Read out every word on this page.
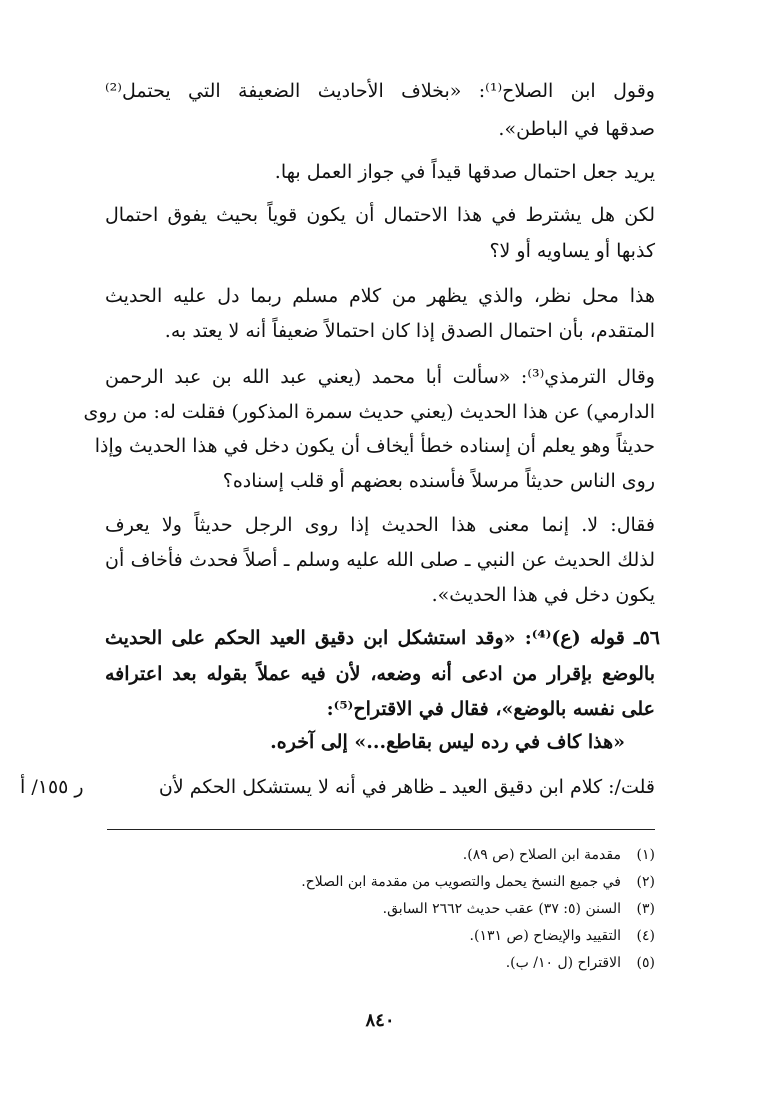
وقول ابن الصلاح⁽¹⁾: «بخلاف الأحاديث الضعيفة التي يحتمل⁽²⁾
صدقها في الباطن».
يريد جعل احتمال صدقها قيداً في جواز العمل بها.
لكن هل يشترط في هذا الاحتمال أن يكون قوياً بحيث يفوق احتمال
كذبها أو يساويه أو لا؟
هذا محل نظر، والذي يظهر من كلام مسلم ربما دل عليه الحديث
المتقدم، بأن احتمال الصدق إذا كان احتمالاً ضعيفاً أنه لا يعتد به.
وقال الترمذي⁽³⁾: «سألت أبا محمد (يعني عبد الله بن عبد الرحمن
الدارمي) عن هذا الحديث (يعني حديث سمرة المذكور) فقلت له: من روى
حديثاً وهو يعلم أن إسناده خطأ أيخاف أن يكون دخل في هذا الحديث وإذا
روى الناس حديثاً مرسلاً فأسنده بعضهم أو قلب إسناده؟
فقال: لا. إنما معنى هذا الحديث إذا روى الرجل حديثاً ولا يعرف
لذلك الحديث عن النبي ـ صلى الله عليه وسلم ـ أصلاً فحدث فأخاف أن
يكون دخل في هذا الحديث».
٥٦ـ قوله (ع)⁽⁴⁾: «وقد استشكل ابن دقيق العيد الحكم على الحديث
بالوضع بإقرار من ادعى أنه وضعه، لأن فيه عملاً بقوله بعد اعترافه
على نفسه بالوضع»، فقال في الاقتراح⁽⁵⁾:
«هذا كاف في رده ليس بقاطع...» إلى آخره.
قلت/: كلام ابن دقيق العيد ـ ظاهر في أنه لا يستشكل الحكم لأن
ر ١٥٥/ أ
(١)مقدمة ابن الصلاح (ص ٨٩).
(٢)في جميع النسخ يحمل والتصويب من مقدمة ابن الصلاح.
(٣)السنن (٥: ٣٧) عقب حديث ٢٦٦٢ السابق.
(٤)التقييد والإيضاح (ص ١٣١).
(٥)الاقتراح (ل ١٠/ ب).
٨٤٠
